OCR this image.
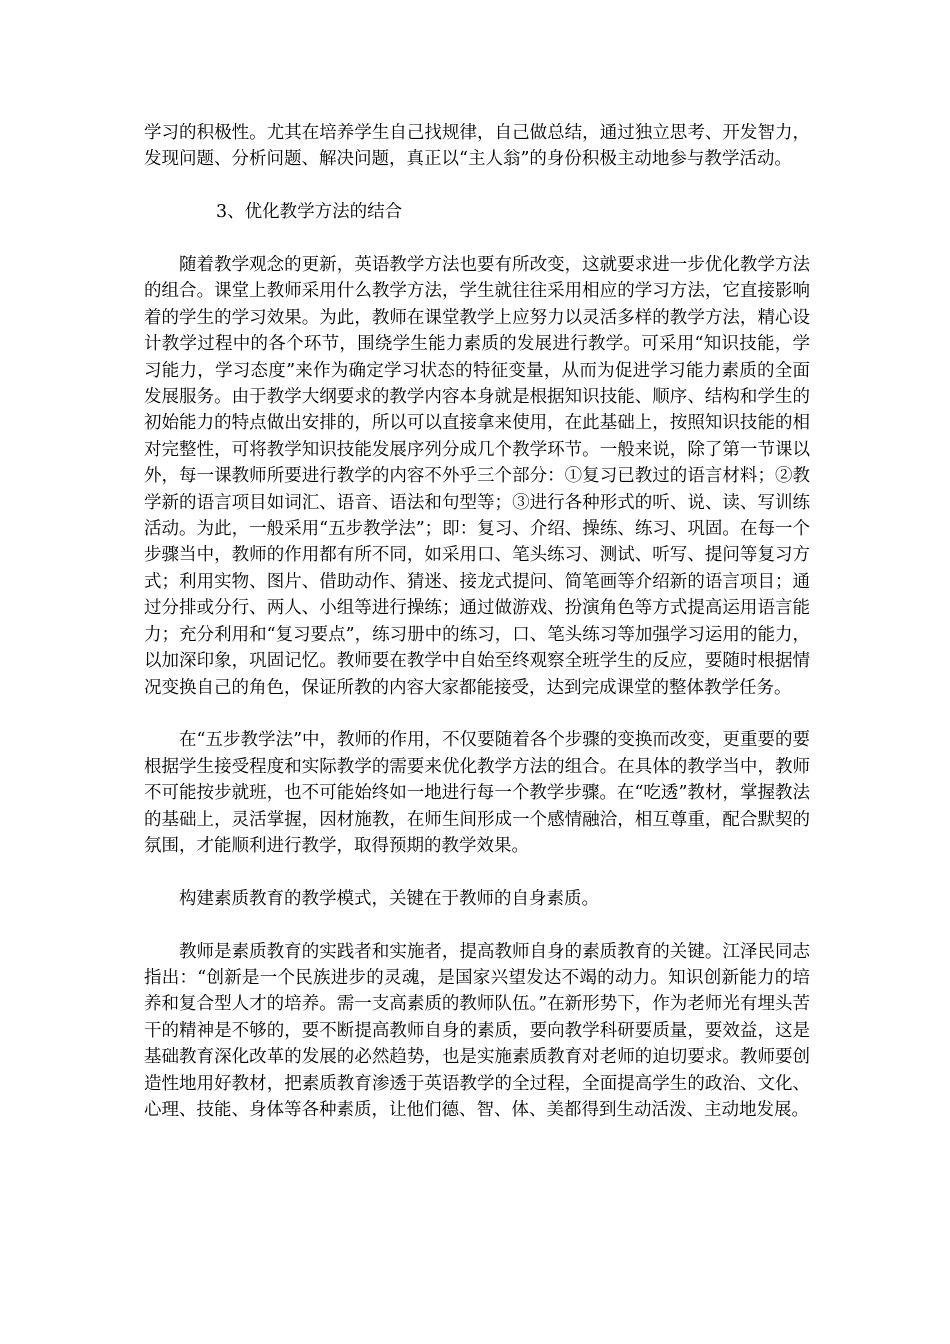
学习的积极性。尤其在培养学生自己找规律，自己做总结，通过独立思考、开发智力，发现问题、分析问题、解决问题，真正以“主人翁”的身份积极主动地参与教学活动。

3、优化教学方法的结合

随着教学观念的更新，英语教学方法也要有所改变，这就要求进一步优化教学方法的组合。课堂上教师采用什么教学方法，学生就往往采用相应的学习方法，它直接影响着的学生的学习效果。为此，教师在课堂教学上应努力以灵活多样的教学方法，精心设计教学过程中的各个环节，围绕学生能力素质的发展进行教学。可采用“知识技能，学习能力，学习态度”来作为确定学习状态的特征变量，从而为促进学习能力素质的全面发展服务。由于教学大纲要求的教学内容本身就是根据知识技能、顺序、结构和学生的初始能力的特点做出安排的，所以可以直接拿来使用，在此基础上，按照知识技能的相对完整性，可将教学知识技能发展序列分成几个教学环节。一般来说，除了第一节课以外，每一课教师所要进行教学的内容不外乎三个部分：①复习已教过的语言材料；②教学新的语言项目如词汇、语音、语法和句型等；③进行各种形式的听、说、读、写训练活动。为此，一般采用“五步教学法”；即：复习、介绍、操练、练习、巩固。在每一个步骤当中，教师的作用都有所不同，如采用口、笔头练习、测试、听写、提问等复习方式；利用实物、图片、借助动作、猜迷、接龙式提问、简笔画等介绍新的语言项目；通过分排或分行、两人、小组等进行操练；通过做游戏、扮演角色等方式提高运用语言能力；充分利用和“复习要点”，练习册中的练习，口、笔头练习等加强学习运用的能力，以加深印象，巩固记忆。教师要在教学中自始至终观察全班学生的反应，要随时根据情况变换自己的角色，保证所教的内容大家都能接受，达到完成课堂的整体教学任务。

在“五步教学法”中，教师的作用，不仅要随着各个步骤的变换而改变，更重要的要根据学生接受程度和实际教学的需要来优化教学方法的组合。在具体的教学当中，教师不可能按步就班，也不可能始终如一地进行每一个教学步骤。在“吃透”教材，掌握教法的基础上，灵活掌握，因材施教，在师生间形成一个感情融洽，相互尊重，配合默契的氛围，才能顺利进行教学，取得预期的教学效果。

构建素质教育的教学模式，关键在于教师的自身素质。

教师是素质教育的实践者和实施者，提高教师自身的素质教育的关键。江泽民同志指出：“创新是一个民族进步的灵魂，是国家兴望发达不竭的动力。知识创新能力的培养和复合型人才的培养。需一支高素质的教师队伍。”在新形势下，作为老师光有埋头苦干的精神是不够的，要不断提高教师自身的素质，要向教学科研要质量，要效益，这是基础教育深化改革的发展的必然趋势，也是实施素质教育对老师的迫切要求。教师要创造性地用好教材，把素质教育渗透于英语教学的全过程，全面提高学生的政治、文化、心理、技能、身体等各种素质，让他们德、智、体、美都得到生动活泼、主动地发展。
